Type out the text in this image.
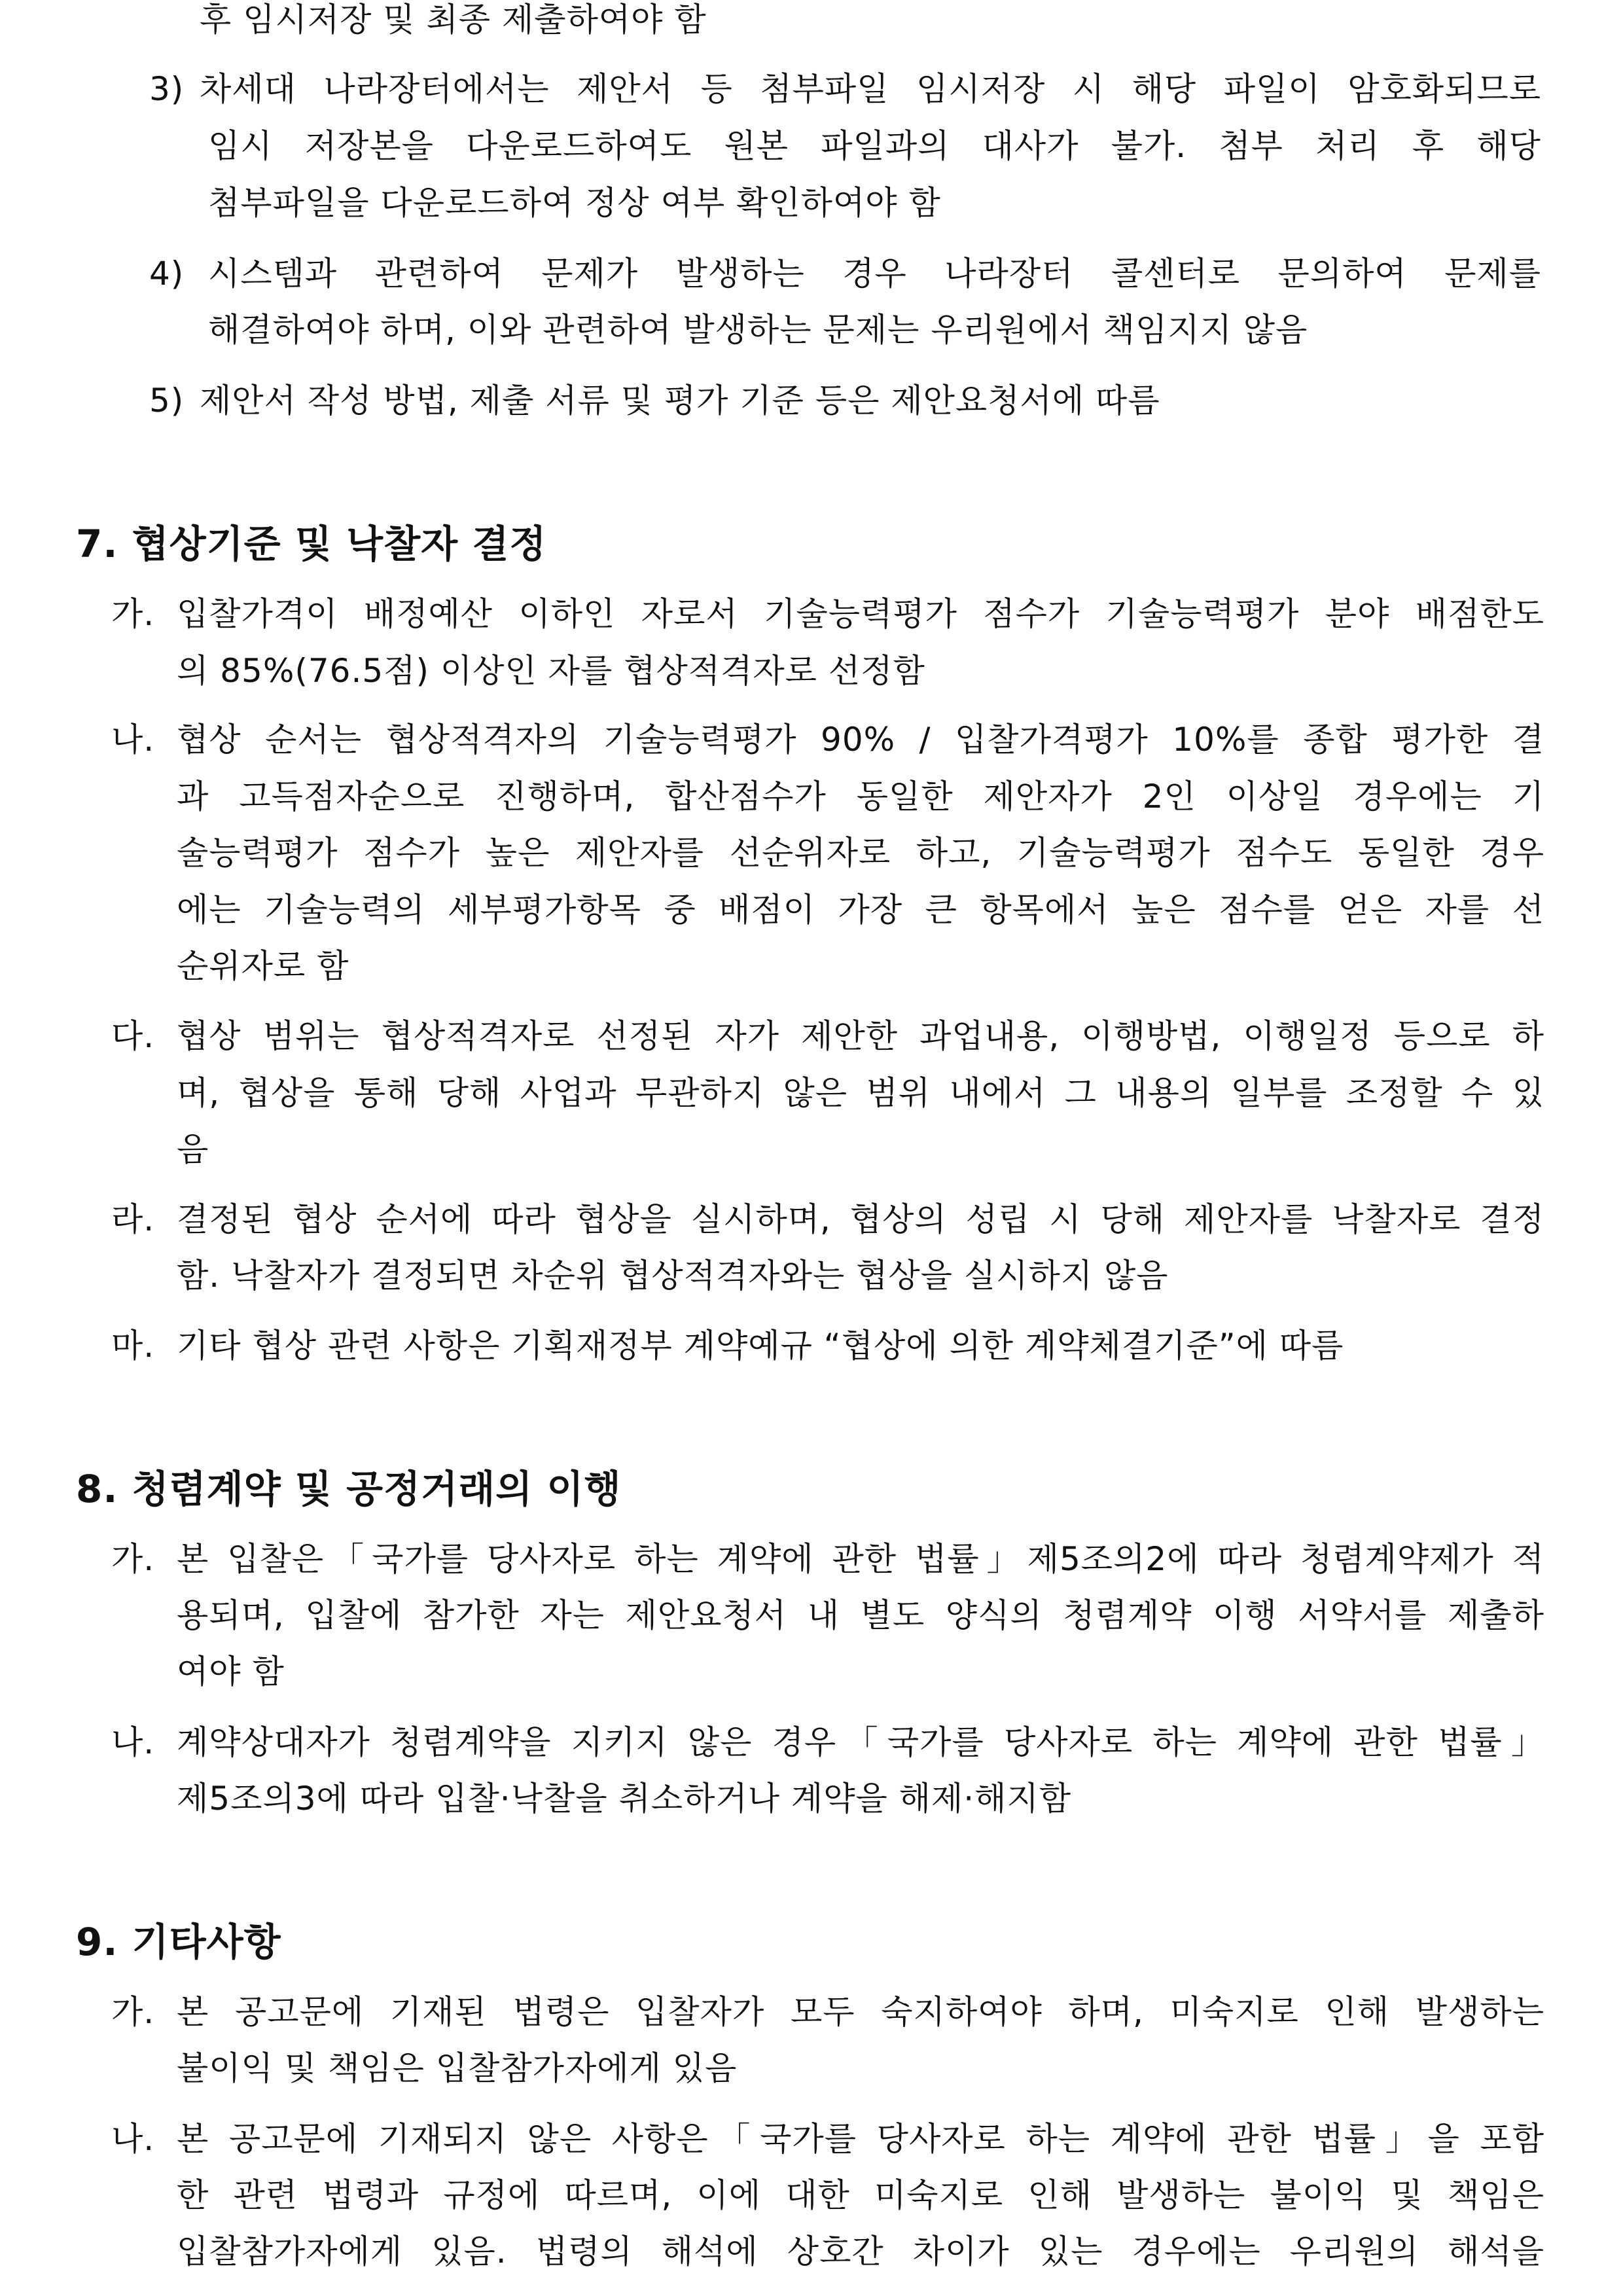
후 임시저장 및 최종 제출하여야 함
3) 차세대 나라장터에서는 제안서 등 첨부파일 임시저장 시 해당 파일이 암호화되므로
임시 저장본을 다운로드하여도 원본 파일과의 대사가 불가. 첨부 처리 후 해당
첨부파일을 다운로드하여 정상 여부 확인하여야 함
4) 시스템과 관련하여 문제가 발생하는 경우 나라장터 콜센터로 문의하여 문제를
해결하여야 하며, 이와 관련하여 발생하는 문제는 우리원에서 책임지지 않음
5) 제안서 작성 방법, 제출 서류 및 평가 기준 등은 제안요청서에 따름
7. 협상기준 및 낙찰자 결정
가. 입찰가격이 배정예산 이하인 자로서 기술능력평가 점수가 기술능력평가 분야 배점한도
의 85%(76.5점) 이상인 자를 협상적격자로 선정함
나. 협상 순서는 협상적격자의 기술능력평가 90% / 입찰가격평가 10%를 종합 평가한 결
과 고득점자순으로 진행하며, 합산점수가 동일한 제안자가 2인 이상일 경우에는 기
술능력평가 점수가 높은 제안자를 선순위자로 하고, 기술능력평가 점수도 동일한 경우
에는 기술능력의 세부평가항목 중 배점이 가장 큰 항목에서 높은 점수를 얻은 자를 선
순위자로 함
다. 협상 범위는 협상적격자로 선정된 자가 제안한 과업내용, 이행방법, 이행일정 등으로 하
며, 협상을 통해 당해 사업과 무관하지 않은 범위 내에서 그 내용의 일부를 조정할 수 있
음
라. 결정된 협상 순서에 따라 협상을 실시하며, 협상의 성립 시 당해 제안자를 낙찰자로 결정
함. 낙찰자가 결정되면 차순위 협상적격자와는 협상을 실시하지 않음
마. 기타 협상 관련 사항은 기획재정부 계약예규 “협상에 의한 계약체결기준”에 따름
8. 청렴계약 및 공정거래의 이행
가. 본 입찰은「국가를 당사자로 하는 계약에 관한 법률」제5조의2에 따라 청렴계약제가 적
용되며, 입찰에 참가한 자는 제안요청서 내 별도 양식의 청렴계약 이행 서약서를 제출하
여야 함
나. 계약상대자가 청렴계약을 지키지 않은 경우「국가를 당사자로 하는 계약에 관한 법률」
제5조의3에 따라 입찰·낙찰을 취소하거나 계약을 해제·해지함
9. 기타사항
가. 본 공고문에 기재된 법령은 입찰자가 모두 숙지하여야 하며, 미숙지로 인해 발생하는
불이익 및 책임은 입찰참가자에게 있음
나. 본 공고문에 기재되지 않은 사항은「국가를 당사자로 하는 계약에 관한 법률」을 포함
한 관련 법령과 규정에 따르며, 이에 대한 미숙지로 인해 발생하는 불이익 및 책임은
입찰참가자에게 있음. 법령의 해석에 상호간 차이가 있는 경우에는 우리원의 해석을
